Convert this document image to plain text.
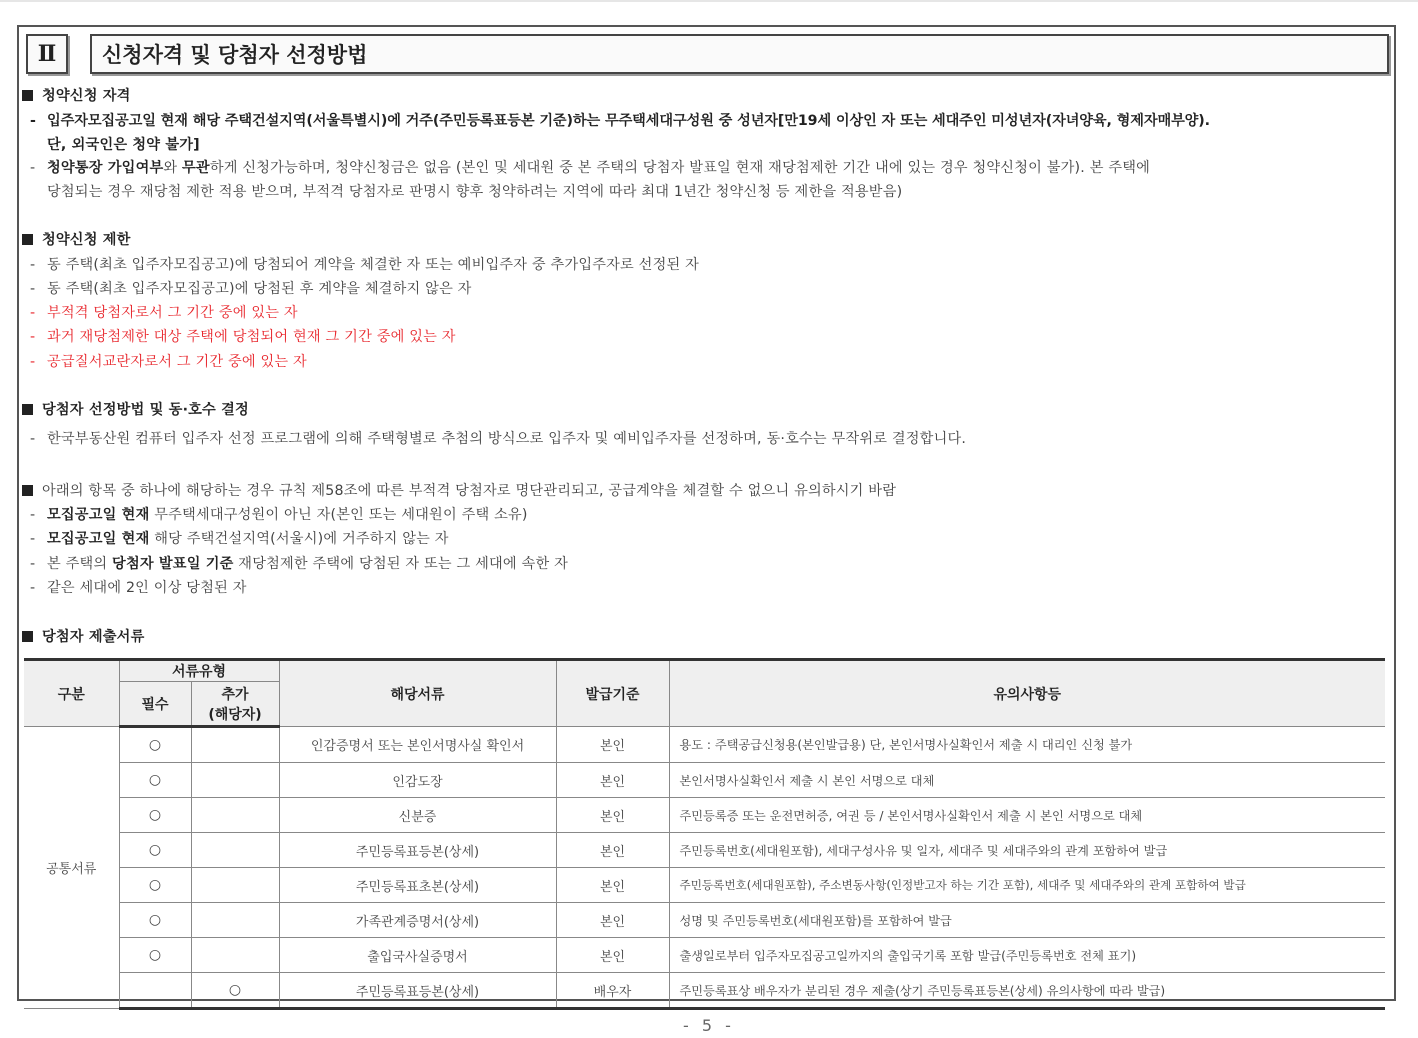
Ⅱ	신청자격 및 당첨자 선정방법
청약신청 자격
- 입주자모집공고일 현재 해당 주택건설지역(서울특별시)에 거주(주민등록표등본 기준)하는 무주택세대구성원 중 성년자[만19세 이상인 자 또는 세대주인 미성년자(자녀양육, 형제자매부양).
단, 외국인은 청약 불가]
- 청약통장 가입여부와 무관하게 신청가능하며, 청약신청금은 없음 (본인 및 세대원 중 본 주택의 당첨자 발표일 현재 재당첨제한 기간 내에 있는 경우 청약신청이 불가). 본 주택에
당첨되는 경우 재당첨 제한 적용 받으며, 부적격 당첨자로 판명시 향후 청약하려는 지역에 따라 최대 1년간 청약신청 등 제한을 적용받음)
청약신청 제한
- 동 주택(최초 입주자모집공고)에 당첨되어 계약을 체결한 자 또는 예비입주자 중 추가입주자로 선정된 자
- 동 주택(최초 입주자모집공고)에 당첨된 후 계약을 체결하지 않은 자
- 부적격 당첨자로서 그 기간 중에 있는 자
- 과거 재당첨제한 대상 주택에 당첨되어 현재 그 기간 중에 있는 자
- 공급질서교란자로서 그 기간 중에 있는 자
당첨자 선정방법 및 동·호수 결정
- 한국부동산원 컴퓨터 입주자 선정 프로그램에 의해 주택형별로 추첨의 방식으로 입주자 및 예비입주자를 선정하며, 동·호수는 무작위로 결정합니다.
아래의 항목 중 하나에 해당하는 경우 규칙 제58조에 따른 부적격 당첨자로 명단관리되고, 공급계약을 체결할 수 없으니 유의하시기 바람
- 모집공고일 현재 무주택세대구성원이 아닌 자(본인 또는 세대원이 주택 소유)
- 모집공고일 현재 해당 주택건설지역(서울시)에 거주하지 않는 자
- 본 주택의 당첨자 발표일 기준 재당첨제한 주택에 당첨된 자 또는 그 세대에 속한 자
- 같은 세대에 2인 이상 당첨된 자
당첨자 제출서류
구분	서류유형		해당서류	발급기준	유의사항등
	필수	추가
(해당자)			

공통서류	○		인감증명서 또는 본인서명사실 확인서	본인	용도 : 주택공급신청용(본인발급용) 단, 본인서명사실확인서 제출 시 대리인 신청 불가
	○		인감도장	본인	본인서명사실확인서 제출 시 본인 서명으로 대체
	○		신분증	본인	주민등록증 또는 운전면허증, 여권 등 / 본인서명사실확인서 제출 시 본인 서명으로 대체
	○		주민등록표등본(상세)	본인	주민등록번호(세대원포함), 세대구성사유 및 일자, 세대주 및 세대주와의 관계 포함하여 발급
	○		주민등록표초본(상세)	본인	주민등록번호(세대원포함), 주소변동사항(인정받고자 하는 기간 포함), 세대주 및 세대주와의 관계 포함하여 발급
	○		가족관계증명서(상세)	본인	성명 및 주민등록번호(세대원포함)를 포함하여 발급
	○		출입국사실증명서	본인	출생일로부터 입주자모집공고일까지의 출입국기록 포함 발급(주민등록번호 전체 표기)
		○	주민등록표등본(상세)	배우자	주민등록표상 배우자가 분리된 경우 제출(상기 주민등록표등본(상세) 유의사항에 따라 발급)
- 5 -
